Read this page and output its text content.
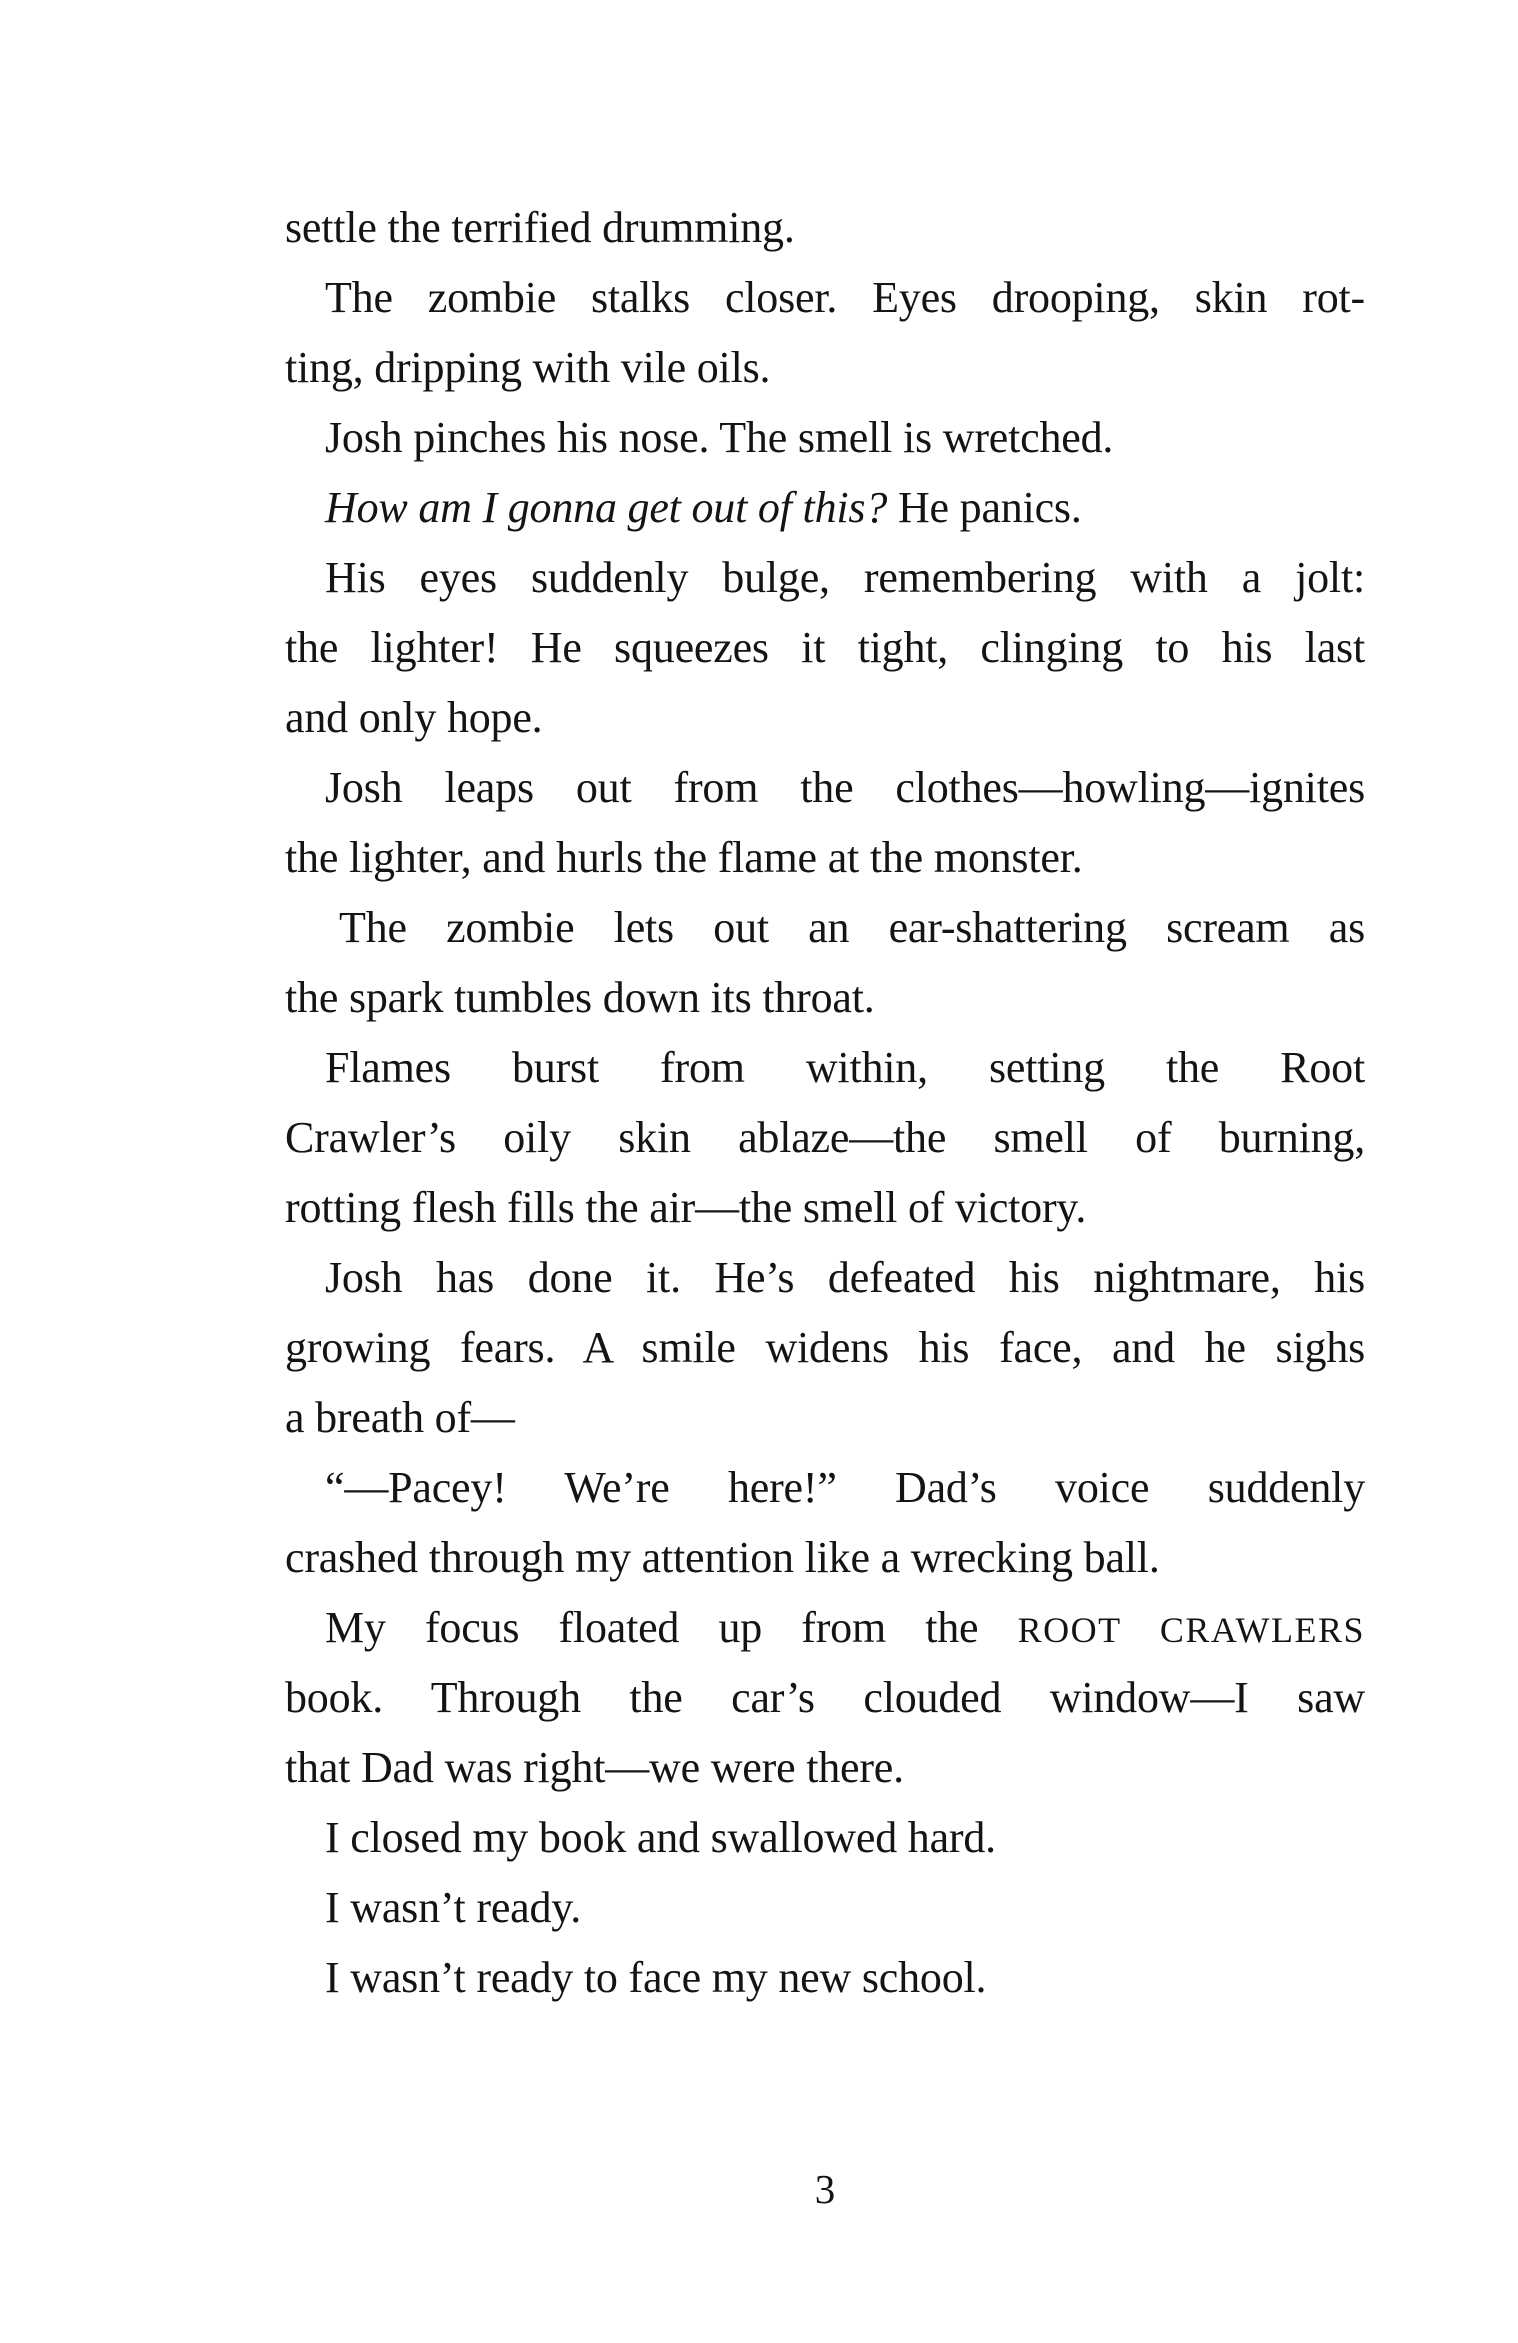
settle the terrified drumming.
The zombie stalks closer. Eyes drooping, skin rot-
ting, dripping with vile oils.
Josh pinches his nose. The smell is wretched.
How am I gonna get out of this? He panics.
His eyes suddenly bulge, remembering with a jolt:
the lighter! He squeezes it tight, clinging to his last
and only hope.
Josh leaps out from the clothes—howling—ignites
the lighter, and hurls the flame at the monster.
The zombie lets out an ear-shattering scream as
the spark tumbles down its throat.
Flames burst from within, setting the Root
Crawler’s oily skin ablaze—the smell of burning,
rotting flesh fills the air—the smell of victory.
Josh has done it. He’s defeated his nightmare, his
growing fears. A smile widens his face, and he sighs
a breath of—
“—Pacey! We’re here!” Dad’s voice suddenly
crashed through my attention like a wrecking ball.
My focus floated up from the ROOT CRAWLERS
book. Through the car’s clouded window—I saw
that Dad was right—we were there.
I closed my book and swallowed hard.
I wasn’t ready.
I wasn’t ready to face my new school.
3
